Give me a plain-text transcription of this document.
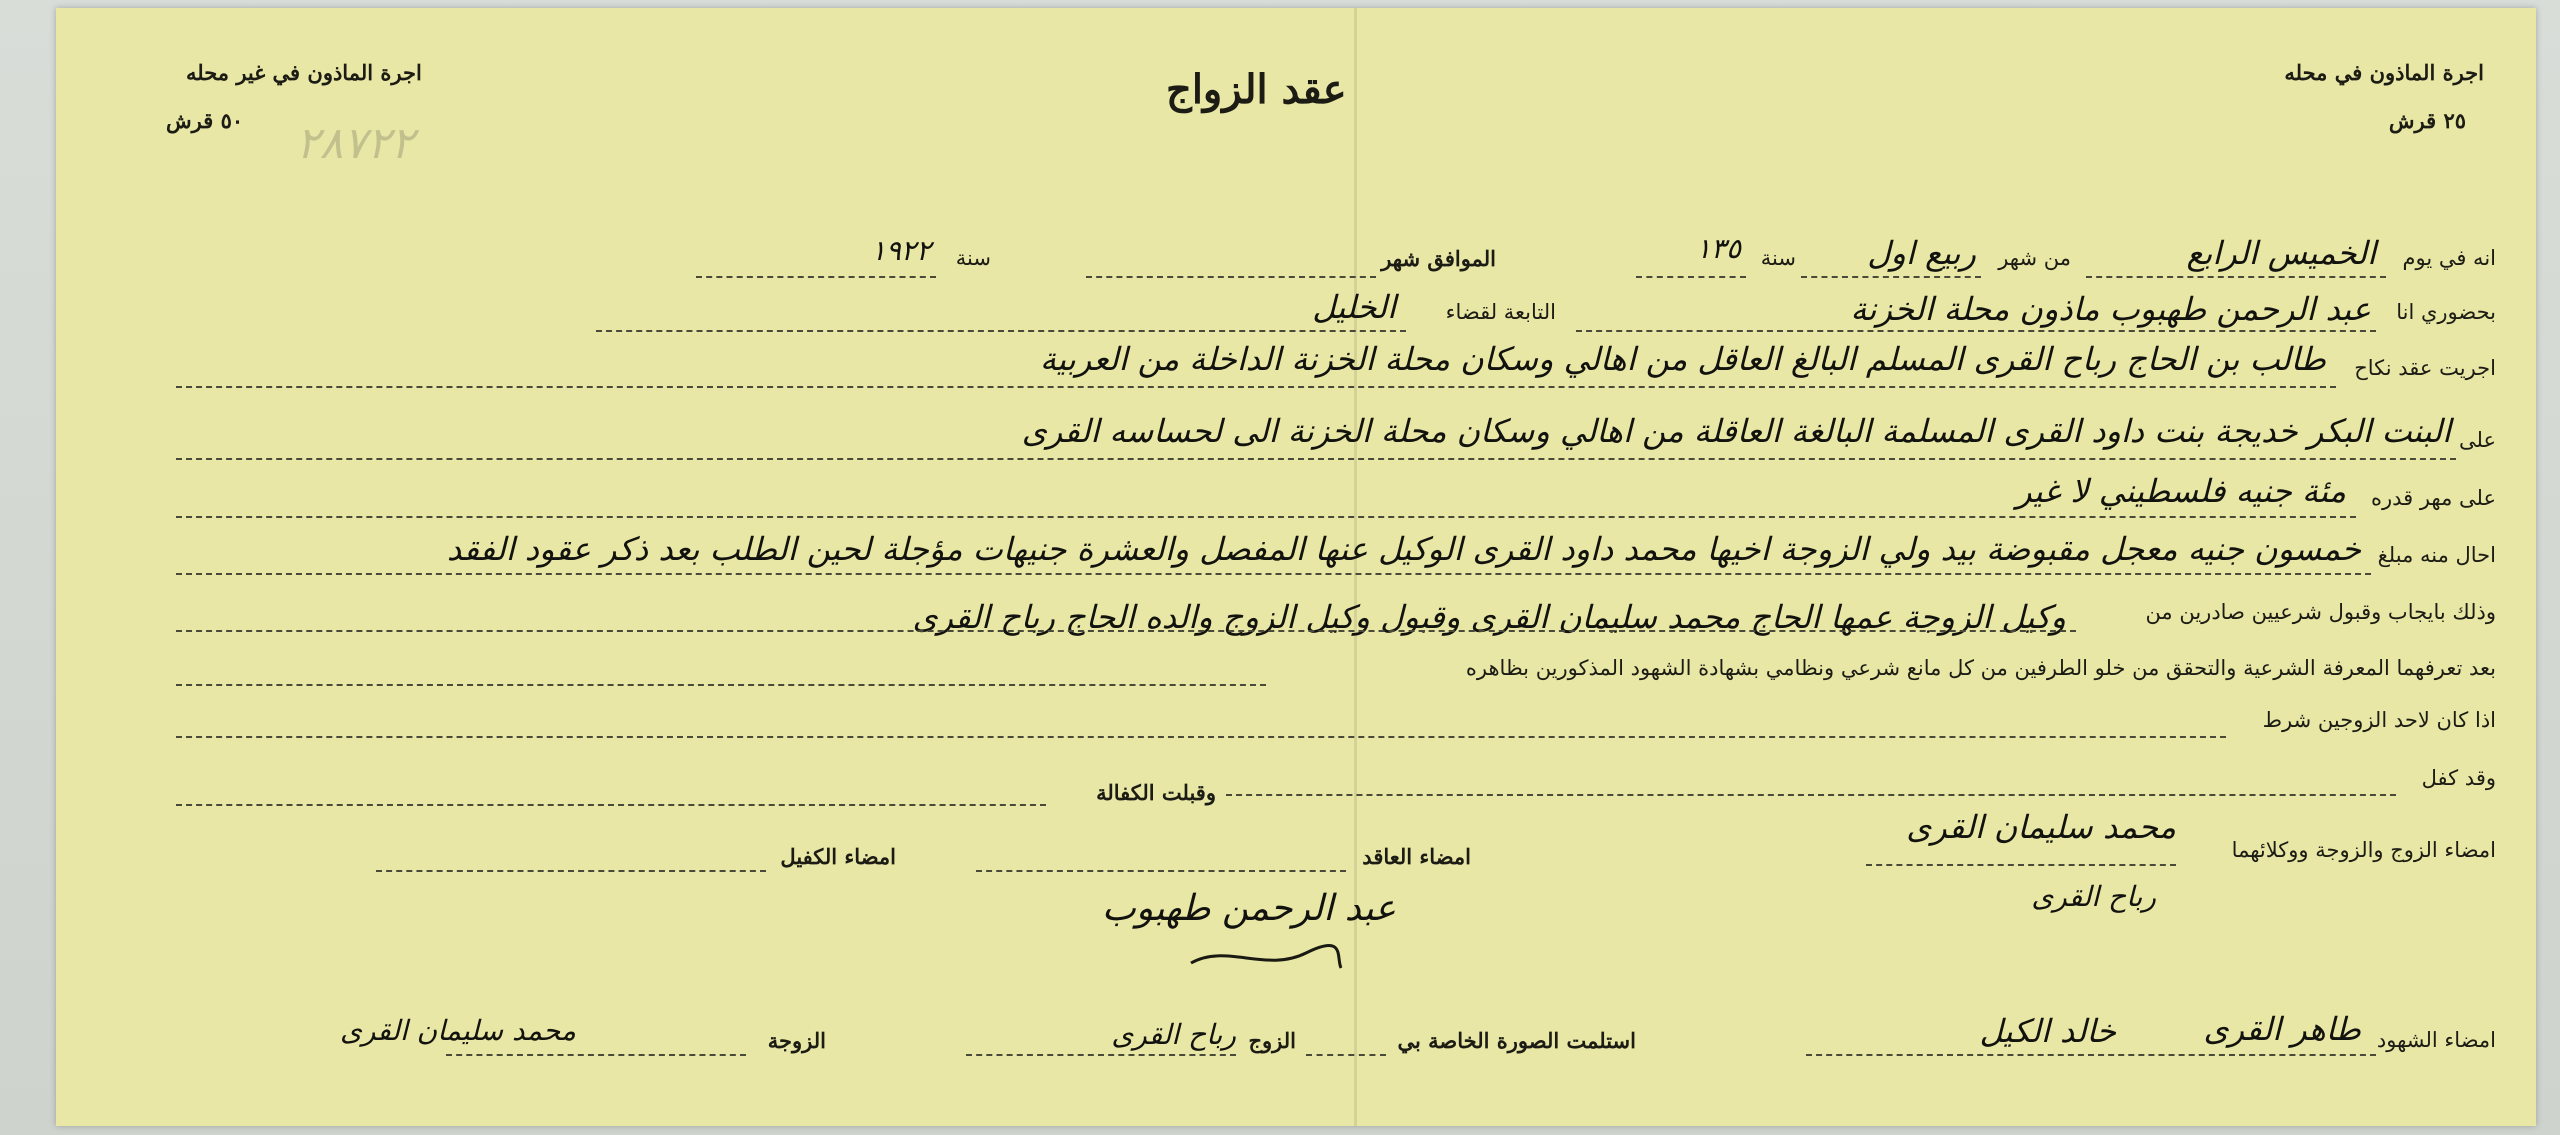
اجرة الماذون في محله
٢٥ قرش
اجرة الماذون في غير محله
٥٠ قرش ٢٨٧٢٢
عقد الزواج
انه في يوم
الخميس الرابع
من شهر
ربيع اول
سنة
١٣٥
الموافق شهر
سنة
١٩٢٢
بحضوري انا
عبد الرحمن طهبوب ماذون محلة الخزنة
التابعة لقضاء
الخليل
اجريت عقد نكاح
طالب بن الحاج رباح القرى المسلم البالغ العاقل من اهالي وسكان محلة الخزنة الداخلة من العربية
على
البنت البكر خديجة بنت داود القرى المسلمة البالغة العاقلة من اهالي وسكان محلة الخزنة الى لحساسه القرى
على مهر قدره
مئة جنيه فلسطيني لا غير
احال منه مبلغ
خمسون جنيه معجل مقبوضة بيد ولي الزوجة اخيها محمد داود القرى الوكيل عنها المفصل والعشرة جنيهات مؤجلة لحين الطلب بعد ذكر عقود الفقد
وذلك بايجاب وقبول شرعيين صادرين من
وكيل الزوجة عمها الحاج محمد سليمان القرى وقبول وكيل الزوج والده الحاج رباح القرى
بعد تعرفهما المعرفة الشرعية والتحقق من خلو الطرفين من كل مانع شرعي ونظامي بشهادة الشهود المذكورين بظاهره
اذا كان لاحد الزوجين شرط
وقد كفل
وقبلت الكفالة
امضاء الزوج والزوجة ووكلائهما
محمد سليمان القرى
رباح القرى
امضاء العاقد
عبد الرحمن طهبوب
امضاء الكفيل
امضاء الشهود
طاهر القرى
خالد الكيل
استلمت الصورة الخاصة بي
الزوج
رباح القرى
الزوجة
محمد سليمان القرى
